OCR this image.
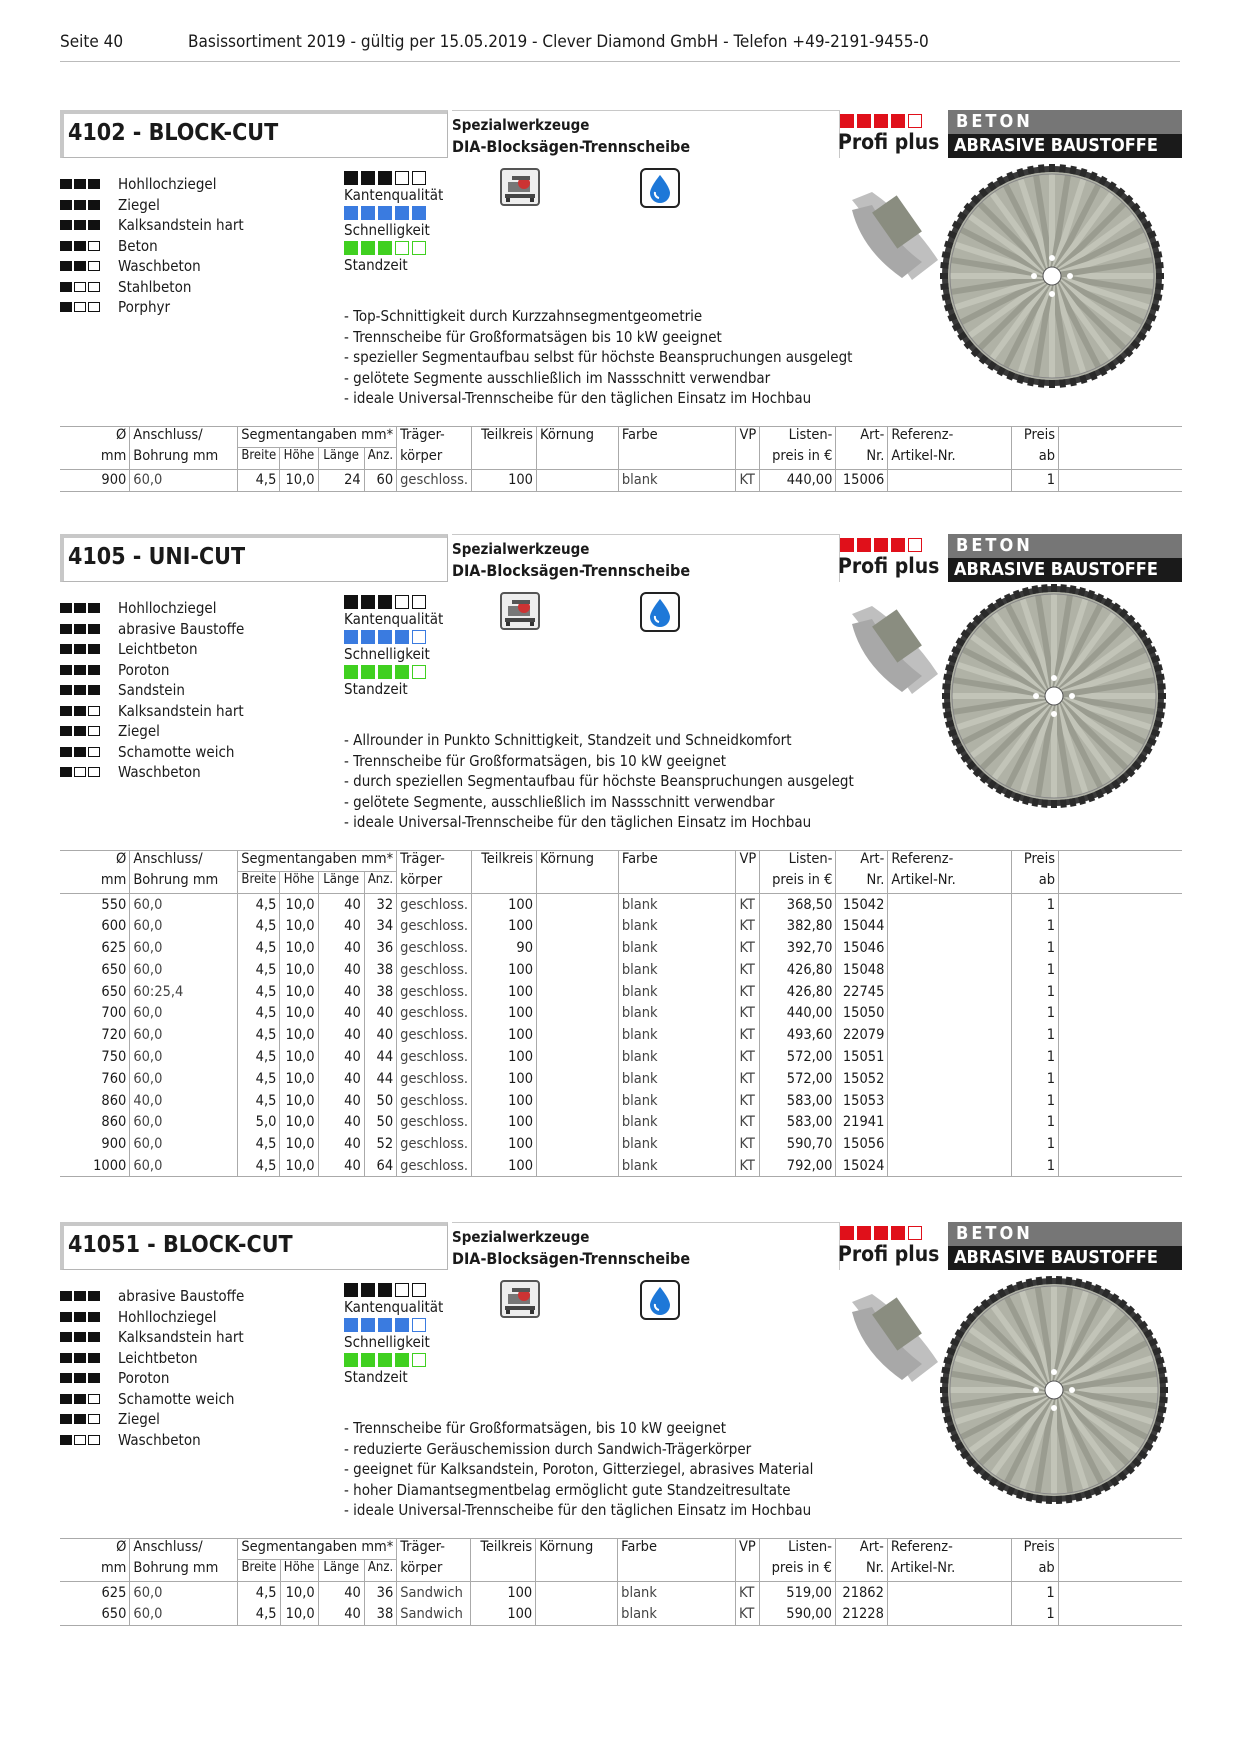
Seite 40	Basissortiment 2019 - gültig per 15.05.2019 - Clever Diamond GmbH - Telefon +49-2191-9455-0
4102 - BLOCK-CUT	Spezialwerkzeuge
DIA-Blocksägen-Trennscheibe	Profi plus
BETON
ABRASIVE BAUSTOFFE
Hohllochziegel
Ziegel
Kalksandstein hart
Beton
Waschbeton
Stahlbeton
Porphyr
Kantenqualität
Schnelligkeit
Standzeit
- Top-Schnittigkeit durch Kurzzahnsegmentgeometrie
- Trennscheibe für Großformatsägen bis 10 kW geeignet
- spezieller Segmentaufbau selbst für höchste Beanspruchungen ausgelegt
- gelötete Segmente ausschließlich im Nassschnitt verwendbar
- ideale Universal-Trennscheibe für den täglichen Einsatz im Hochbau
Ø	Anschluss/	Segmentangaben mm*				Träger-	Teilkreis	Körnung	Farbe	VP	Listen-	Art-	Referenz-	Preis	
mm	Bohrung mm	Breite	Höhe	Länge	Anz.	körper					preis in €	Nr.	Artikel-Nr.	ab	
900	60,0	4,5	10,0	24	60	geschloss.	100		blank	KT	440,00	15006		1	
4105 - UNI-CUT	Spezialwerkzeuge
DIA-Blocksägen-Trennscheibe	Profi plus
BETON
ABRASIVE BAUSTOFFE
Hohllochziegel
abrasive Baustoffe
Leichtbeton
Poroton
Sandstein
Kalksandstein hart
Ziegel
Schamotte weich
Waschbeton
Kantenqualität
Schnelligkeit
Standzeit
- Allrounder in Punkto Schnittigkeit, Standzeit und Schneidkomfort
- Trennscheibe für Großformatsägen, bis 10 kW geeignet
- durch speziellen Segmentaufbau für höchste Beanspruchungen ausgelegt
- gelötete Segmente, ausschließlich im Nassschnitt verwendbar
- ideale Universal-Trennscheibe für den täglichen Einsatz im Hochbau
Ø	Anschluss/	Segmentangaben mm*				Träger-	Teilkreis	Körnung	Farbe	VP	Listen-	Art-	Referenz-	Preis	
mm	Bohrung mm	Breite	Höhe	Länge	Anz.	körper					preis in €	Nr.	Artikel-Nr.	ab	
550	60,0	4,5	10,0	40	32	geschloss.	100		blank	KT	368,50	15042		1	
600	60,0	4,5	10,0	40	34	geschloss.	100		blank	KT	382,80	15044		1	
625	60,0	4,5	10,0	40	36	geschloss.	90		blank	KT	392,70	15046		1	
650	60,0	4,5	10,0	40	38	geschloss.	100		blank	KT	426,80	15048		1	
650	60:25,4	4,5	10,0	40	38	geschloss.	100		blank	KT	426,80	22745		1	
700	60,0	4,5	10,0	40	40	geschloss.	100		blank	KT	440,00	15050		1	
720	60,0	4,5	10,0	40	40	geschloss.	100		blank	KT	493,60	22079		1	
750	60,0	4,5	10,0	40	44	geschloss.	100		blank	KT	572,00	15051		1	
760	60,0	4,5	10,0	40	44	geschloss.	100		blank	KT	572,00	15052		1	
860	40,0	4,5	10,0	40	50	geschloss.	100		blank	KT	583,00	15053		1	
860	60,0	5,0	10,0	40	50	geschloss.	100		blank	KT	583,00	21941		1	
900	60,0	4,5	10,0	40	52	geschloss.	100		blank	KT	590,70	15056		1	
1000	60,0	4,5	10,0	40	64	geschloss.	100		blank	KT	792,00	15024		1	
41051 - BLOCK-CUT	Spezialwerkzeuge
DIA-Blocksägen-Trennscheibe	Profi plus
BETON
ABRASIVE BAUSTOFFE
abrasive Baustoffe
Hohllochziegel
Kalksandstein hart
Leichtbeton
Poroton
Schamotte weich
Ziegel
Waschbeton
Kantenqualität
Schnelligkeit
Standzeit
- Trennscheibe für Großformatsägen, bis 10 kW geeignet
- reduzierte Geräuschemission durch Sandwich-Trägerkörper
- geeignet für Kalksandstein, Poroton, Gitterziegel, abrasives Material
- hoher Diamantsegmentbelag ermöglicht gute Standzeitresultate
- ideale Universal-Trennscheibe für den täglichen Einsatz im Hochbau
Ø	Anschluss/	Segmentangaben mm*				Träger-	Teilkreis	Körnung	Farbe	VP	Listen-	Art-	Referenz-	Preis	
mm	Bohrung mm	Breite	Höhe	Länge	Anz.	körper					preis in €	Nr.	Artikel-Nr.	ab	
625	60,0	4,5	10,0	40	36	Sandwich	100		blank	KT	519,00	21862		1	
650	60,0	4,5	10,0	40	38	Sandwich	100		blank	KT	590,00	21228		1	
